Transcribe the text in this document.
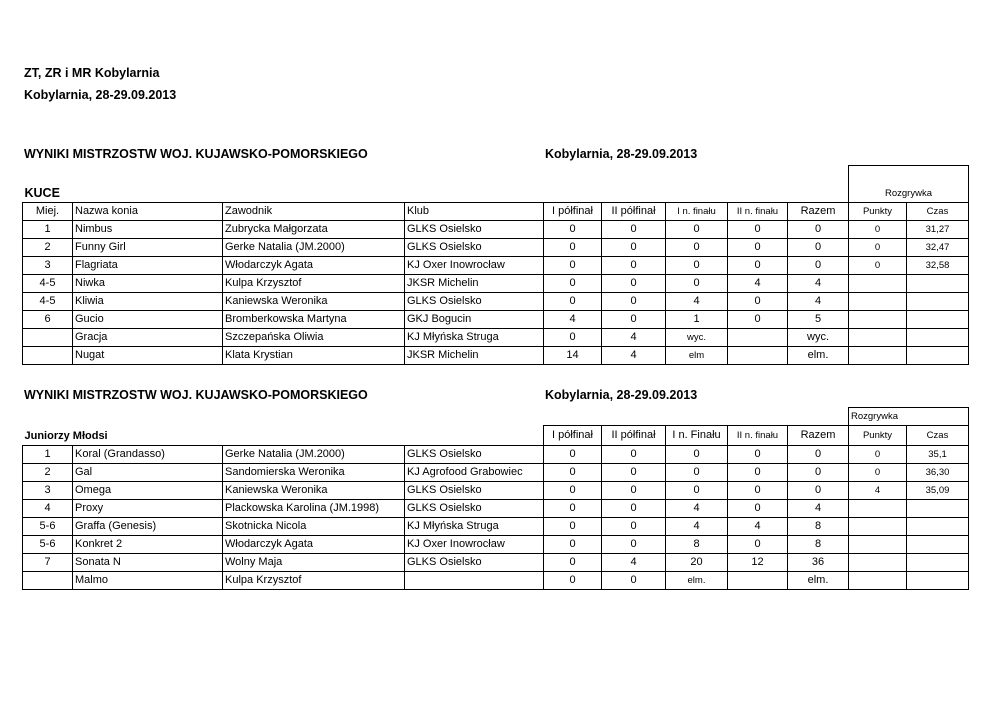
ZT, ZR i MR Kobylarnia
Kobylarnia, 28-29.09.2013
WYNIKI MISTRZOSTW WOJ. KUJAWSKO-POMORSKIEGO	Kobylarnia, 28-29.09.2013

KUCE									Rozgrywka	
Miej.	Nazwa konia	Zawodnik	Klub	I półfinał	II półfinał	I n. finału	II n. finału	Razem	Punkty	Czas
1	Nimbus	Zubrycka Małgorzata	GLKS Osielsko	0	0	0	0	0	0	31,27
2	Funny Girl	Gerke Natalia (JM.2000)	GLKS Osielsko	0	0	0	0	0	0	32,47
3	Flagriata	Włodarczyk Agata	KJ Oxer Inowrocław	0	0	0	0	0	0	32,58
4-5	Niwka	Kulpa Krzysztof	JKSR Michelin	0	0	0	4	4		
4-5	Kliwia	Kaniewska Weronika	GLKS Osielsko	0	0	4	0	4		
6	Gucio	Bromberkowska Martyna	GKJ Bogucin	4	0	1	0	5		
	Gracja	Szczepańska Oliwia	KJ Młyńska Struga	0	4	wyc.		wyc.		
	Nugat	Klata Krystian	JKSR Michelin	14	4	elm		elm.		
WYNIKI MISTRZOSTW WOJ. KUJAWSKO-POMORSKIEGO	Kobylarnia, 28-29.09.2013
									Rozgrywka	
Juniorzy Młodsi				I półfinał	II półfinał	I n. Finału	II n. finału	Razem	Punkty	Czas
1	Koral (Grandasso)	Gerke Natalia (JM.2000)	GLKS Osielsko	0	0	0	0	0	0	35,1
2	Gal	Sandomierska Weronika	KJ Agrofood Grabowiec	0	0	0	0	0	0	36,30
3	Omega	Kaniewska Weronika	GLKS Osielsko	0	0	0	0	0	4	35,09
4	Proxy	Plackowska Karolina (JM.1998)	GLKS Osielsko	0	0	4	0	4		
5-6	Graffa (Genesis)	Skotnicka Nicola	KJ Młyńska Struga	0	0	4	4	8		
5-6	Konkret 2	Włodarczyk Agata	KJ Oxer Inowrocław	0	0	8	0	8		
7	Sonata N	Wolny Maja	GLKS Osielsko	0	4	20	12	36		
	Malmo	Kulpa Krzysztof		0	0	elm.		elm.		
